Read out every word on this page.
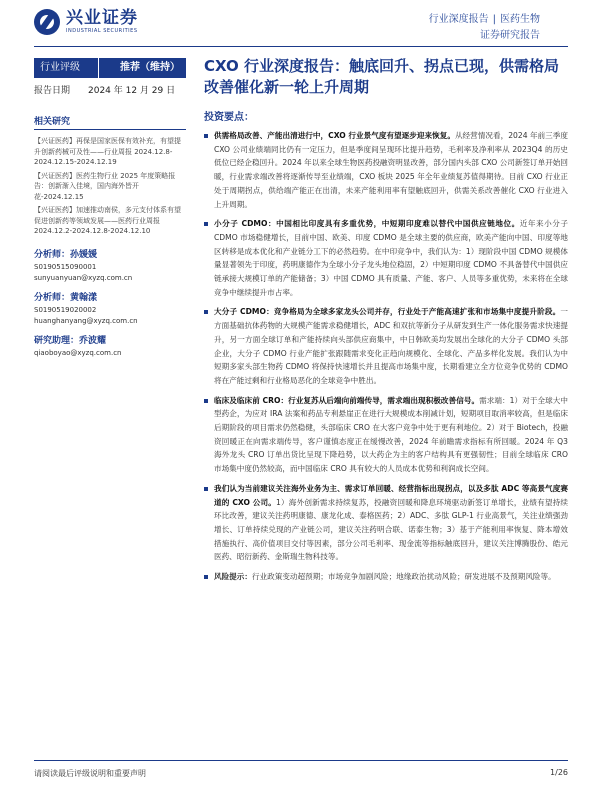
兴业证券
INDUSTRIAL SECURITIES
行业深度报告 | 医药生物
证券研究报告
行业评级	推荐（维持）
报告日期	2024 年 12 月 29 日
相关研究
【兴证医药】再保是国家医保有效补充，有望提升创新药械可及性——行业周报 2024.12.8-2024.12.15-2024.12.19
【兴证医药】医药生物行业 2025 年度策略报告：创新渐入佳境，国内海外皆开花-2024.12.15
【兴证医药】加速推动南侯，多元支付体系有望促进创新药等领域发展——医药行业周报 2024.12.2-2024.12.8-2024.12.10
分析师：孙媛媛
S0190515090001
sunyuanyuan@xyzq.com.cn
分析师：黄翰漾
S0190519020002
huanghanyang@xyzq.com.cn
研究助理：乔波耀
qiaoboyao@xyzq.com.cn
CXO 行业深度报告：触底回升、拐点已现，供需格局改善催化新一轮上升周期
投资要点：
供需格局改善、产能出清进行中，CXO 行业景气度有望逐步迎来恢复。从经营情况看，2024 年前三季度 CXO 公司业绩端同比仍有一定压力，但是季度间呈现环比提升趋势，毛利率及净利率从 2023Q4 的历史低位已经企稳回升。2024 年以来全球生物医药投融资明显改善，部分国内头部 CXO 公司新签订单开始回暖，行业需求端改善将逐渐传导至业绩端，CXO 板块 2025 年全年业绩复苏值得期待。目前 CXO 行业正处于周期拐点，供给端产能正在出清，未来产能利用率有望触底回升，供需关系改善催化 CXO 行业进入上升周期。
小分子 CDMO：中国相比印度具有多重优势，中短期印度难以替代中国供应链地位。近年来小分子 CDMO 市场稳健增长，目前中国、欧美、印度 CDMO 是全球主要的供应商，欧美产能向中国、印度等地区转移是成本优化和产业链分工下的必然趋势。在中印竞争中，我们认为：1）现阶段中国 CDMO 规模体量显著领先于印度，药明康德作为全球小分子龙头地位稳固，2）中短期印度 CDMO 不具备替代中国供应链承接大规模订单的产能储备；3）中国 CDMO 具有质量、产能、客户、人员等多重优势，未来将在全球竞争中继续提升市占率。
大分子 CDMO：竞争格局为全球多家龙头公司并存，行业处于产能高速扩张和市场集中度提升阶段。一方面基础抗体药物的大规模产能需求稳健增长，ADC 和双抗等新分子从研发到生产一体化服务需求快速提升，另一方面全球订单和产能持续向头部供应商集中，中日韩欧美均发展出全球化的大分子 CDMO 头部企业，大分子 CDMO 行业产能扩张跟随需求变化正趋向规模化、全球化、产品多样化发展。我们认为中短期多家头部生物药 CDMO 将保持快速增长并且提高市场集中度，长期看建立全方位竞争优势的 CDMO 将在产能过剩和行业格局恶化的全球竞争中胜出。
临床及临床前 CRO：行业复苏从后端向前端传导，需求端出现积极改善信号。需求端：1）对于全球大中型药企，为应对 IRA 法案和药品专利悬崖正在进行大规模成本削减计划，短期项目取消率较高，但是临床后期阶段的项目需求仍然稳健，头部临床 CRO 在大客户竞争中处于更有利地位。2）对于 Biotech，投融资回暖正在向需求端传导，客户谨慎态度正在缓慢改善，2024 年前瞻需求指标有所回暖。2024 年 Q3 海外龙头 CRO 订单出货比呈现下降趋势，以大药企为主的客户结构具有更强韧性；目前全球临床 CRO 市场集中度仍然较高，而中国临床 CRO 具有较大的人员成本优势和利润成长空间。
我们认为当前建议关注海外业务为主、需求订单回暖、经营指标出现拐点，以及多肽 ADC 等高景气度赛道的 CXO 公司。1）海外创新需求持续复苏，投融资回暖和降息环境驱动新签订单增长，业绩有望持续环比改善，建议关注药明康德、康龙化成、泰格医药；2）ADC、多肽 GLP-1 行业高景气，关注业绩强劲增长、订单持续兑现的产业链公司，建议关注药明合联、诺泰生物；3）基于产能利用率恢复、降本增效措施执行、高价值项目交付等因素，部分公司毛利率、现金流等指标触底回升，建议关注博腾股份、皓元医药、昭衍新药、金斯瑞生物科技等。
风险提示：行业政策变动超预期；市场竞争加剧风险；地缘政治扰动风险；研发进展不及预期风险等。
请阅读最后评级说明和重要声明	1/26
